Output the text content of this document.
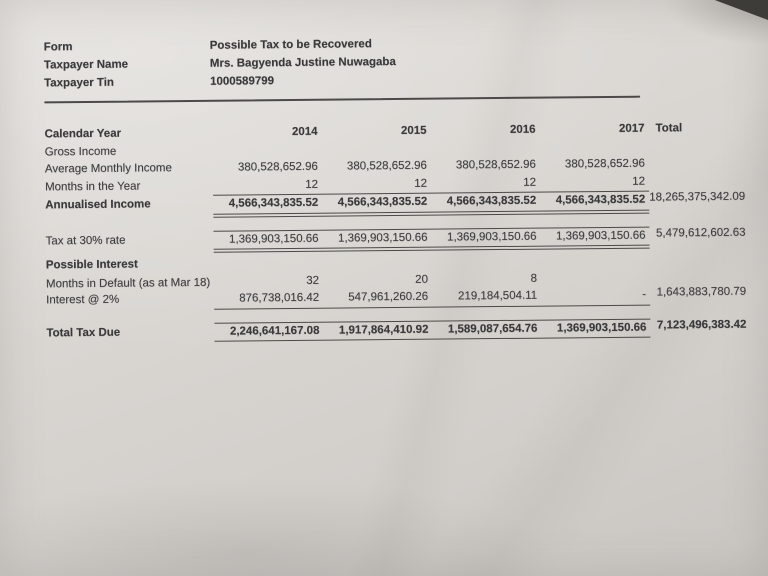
Form	Possible Tax to be Recovered
Taxpayer Name	Mrs. Bagyenda Justine Nuwagaba
Taxpayer Tin	1000589799
Calendar Year	2014	2015	2016	2017 Total
Gross Income
Average Monthly Income	380,528,652.96	380,528,652.96	380,528,652.96	380,528,652.96
Months in the Year	12	12	12	12
Annualised Income	4,566,343,835.52	4,566,343,835.52	4,566,343,835.52	4,566,343,835.52 18,265,375,342.09
Tax at 30% rate	1,369,903,150.66	1,369,903,150.66	1,369,903,150.66	1,369,903,150.66 5,479,612,602.63
Possible Interest
Months in Default (as at Mar 18)	32	20	8
Interest @ 2%	876,738,016.42	547,961,260.26	219,184,504.11	- 1,643,883,780.79
Total Tax Due	2,246,641,167.08	1,917,864,410.92	1,589,087,654.76	1,369,903,150.66 7,123,496,383.42
